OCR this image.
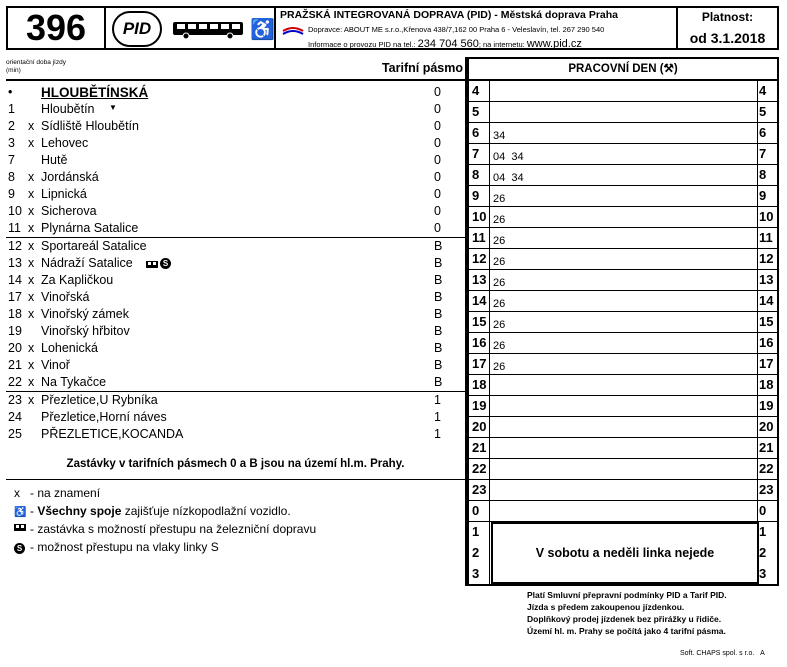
396	PID	♿
PRAŽSKÁ INTEGROVANÁ DOPRAVA (PID) - Městská doprava Praha
Dopravce: ABOUT ME s.r.o.,Křenova 438/7,162 00 Praha 6 - Veleslavín, tel. 267 290 540
Informace o provozu PID na tel.: 234 704 560; na internetu: www.pid.cz
Platnost:
od 3.1.2018
orientační doba jízdy (min)	Tarifní pásmo
• HLOUBĚTÍNSKÁ	0
1 Hloubětín ▼	0
2 x Sídliště Hloubětín	0
3 x Lehovec	0
7 Hutě	0
8 x Jordánská	0
9 x Lipnická	0
10 x Sicherova	0
11 x Plynárna Satalice	0
12 x Sportareál Satalice	B
13 x Nádraží Satalice	S	B
14 x Za Kapličkou	B
17 x Vinořská	B
18 x Vinořský zámek	B
19 Vinořský hřbitov	B
20 x Lohenická	B
21 x Vinoř	B
22 x Na Tykačce	B
23 x Přezletice,U Rybníka	1
24 Přezletice,Horní náves	1
25 PŘEZLETICE,KOCANDA	1
Zastávky v tarifních pásmech 0 a B jsou na území hl.m. Prahy.
x - na znamení
♿ - Všechny spoje zajišťuje nízkopodlažní vozidlo.
- zastávka s možností přestupu na železniční dopravu
S - možnost přestupu na vlaky linky S
PRACOVNÍ DEN (⚒)
4	4
5	5
6 34	6
7 04  34	7
8 04  34	8
9 26	9
10 26	10
11 26	11
12 26	12
13 26	13
14 26	14
15 26	15
16 26	16
17 26	17
18	18
19	19
20	20
21	21
22	22
23	23
0	0
1	1
2	2
3	3
V sobotu a neděli linka nejede
Platí Smluvní přepravní podmínky PID a Tarif PID.
Jízda s předem zakoupenou jízdenkou.
Doplňkový prodej jízdenek bez přirážky u řidiče.
Území hl. m. Prahy se počítá jako 4 tarifní pásma.
Soft. CHAPS spol. s r.o. A
